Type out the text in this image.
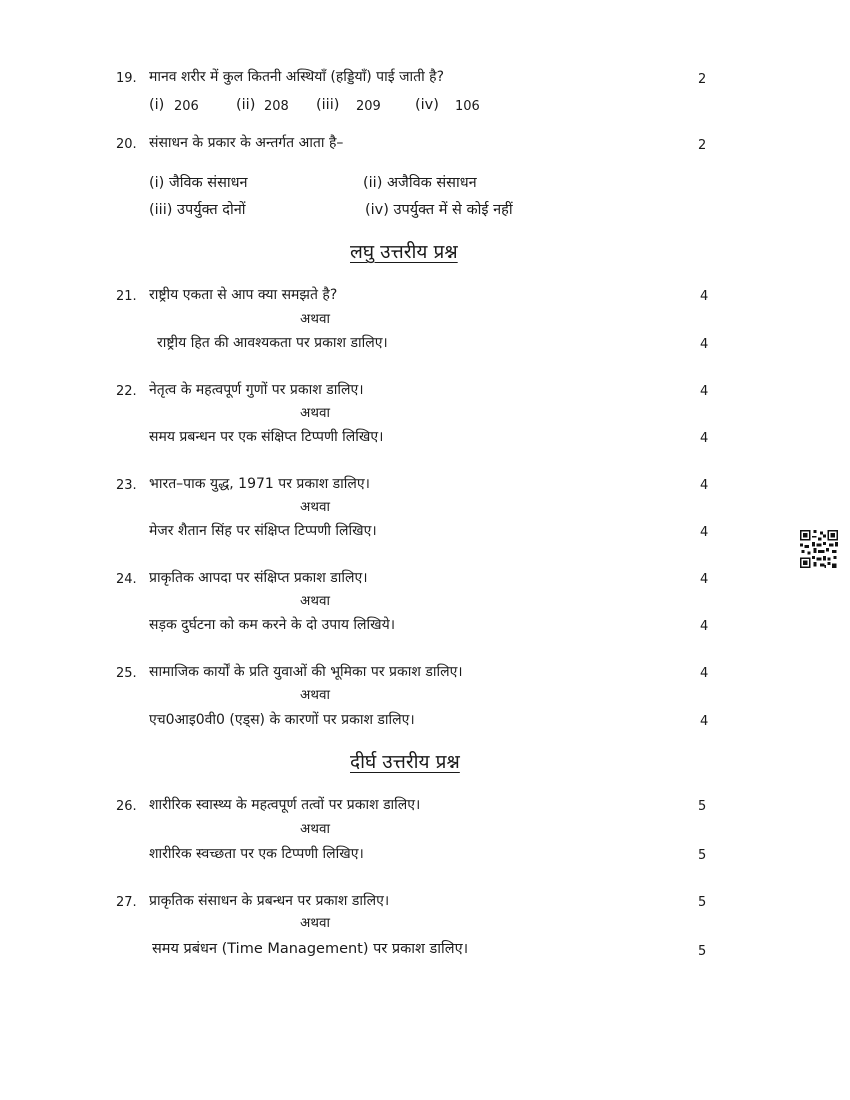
19. मानव शरीर में कुल कितनी अस्थियाँ (हड्डियाँ) पाई जाती है?	2
(i) 206	(ii) 208 (iii) 209 (iv) 106
20. संसाधन के प्रकार के अन्तर्गत आता है–	2
(i) जैविक संसाधन	(ii) अजैविक संसाधन
(iii) उपर्युक्त दोनों	(iv) उपर्युक्त में से कोई नहीं
लघु उत्तरीय प्रश्न
21. राष्ट्रीय एकता से आप क्या समझते है?	4
अथवा
राष्ट्रीय हित की आवश्यकता पर प्रकाश डालिए।	4
22. नेतृत्व के महत्वपूर्ण गुणों पर प्रकाश डालिए।	4
अथवा
समय प्रबन्धन पर एक संक्षिप्त टिप्पणी लिखिए।	4
23. भारत–पाक युद्ध, 1971 पर प्रकाश डालिए।	4
अथवा
मेजर शैतान सिंह पर संक्षिप्त टिप्पणी लिखिए।	4
24. प्राकृतिक आपदा पर संक्षिप्त प्रकाश डालिए।	4
अथवा
सड़क दुर्घटना को कम करने के दो उपाय लिखिये।	4
25. सामाजिक कार्यों के प्रति युवाओं की भूमिका पर प्रकाश डालिए।	4
अथवा
एच0आइ0वी0 (एड्स) के कारणों पर प्रकाश डालिए।	4
दीर्घ उत्तरीय प्रश्न
26. शारीरिक स्वास्थ्य के महत्वपूर्ण तत्वों पर प्रकाश डालिए।	5
अथवा
शारीरिक स्वच्छता पर एक टिप्पणी लिखिए।	5
27. प्राकृतिक संसाधन के प्रबन्धन पर प्रकाश डालिए।	5
अथवा
समय प्रबंधन (Time Management) पर प्रकाश डालिए।	5
